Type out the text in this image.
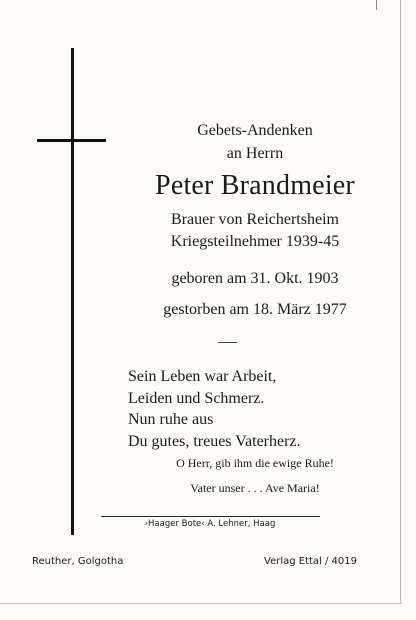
Gebets-Andenken
an Herrn
Peter Brandmeier
Brauer von Reichertsheim
Kriegsteilnehmer 1939-45
geboren am 31. Okt. 1903
gestorben am 18. März 1977
Sein Leben war Arbeit,
Leiden und Schmerz.
Nun ruhe aus
Du gutes, treues Vaterherz.
O Herr, gib ihm die ewige Ruhe!
Vater unser . . . Ave Maria!
›Haager Bote‹ A. Lehner, Haag
Reuther, Golgotha	Verlag Ettal / 4019
